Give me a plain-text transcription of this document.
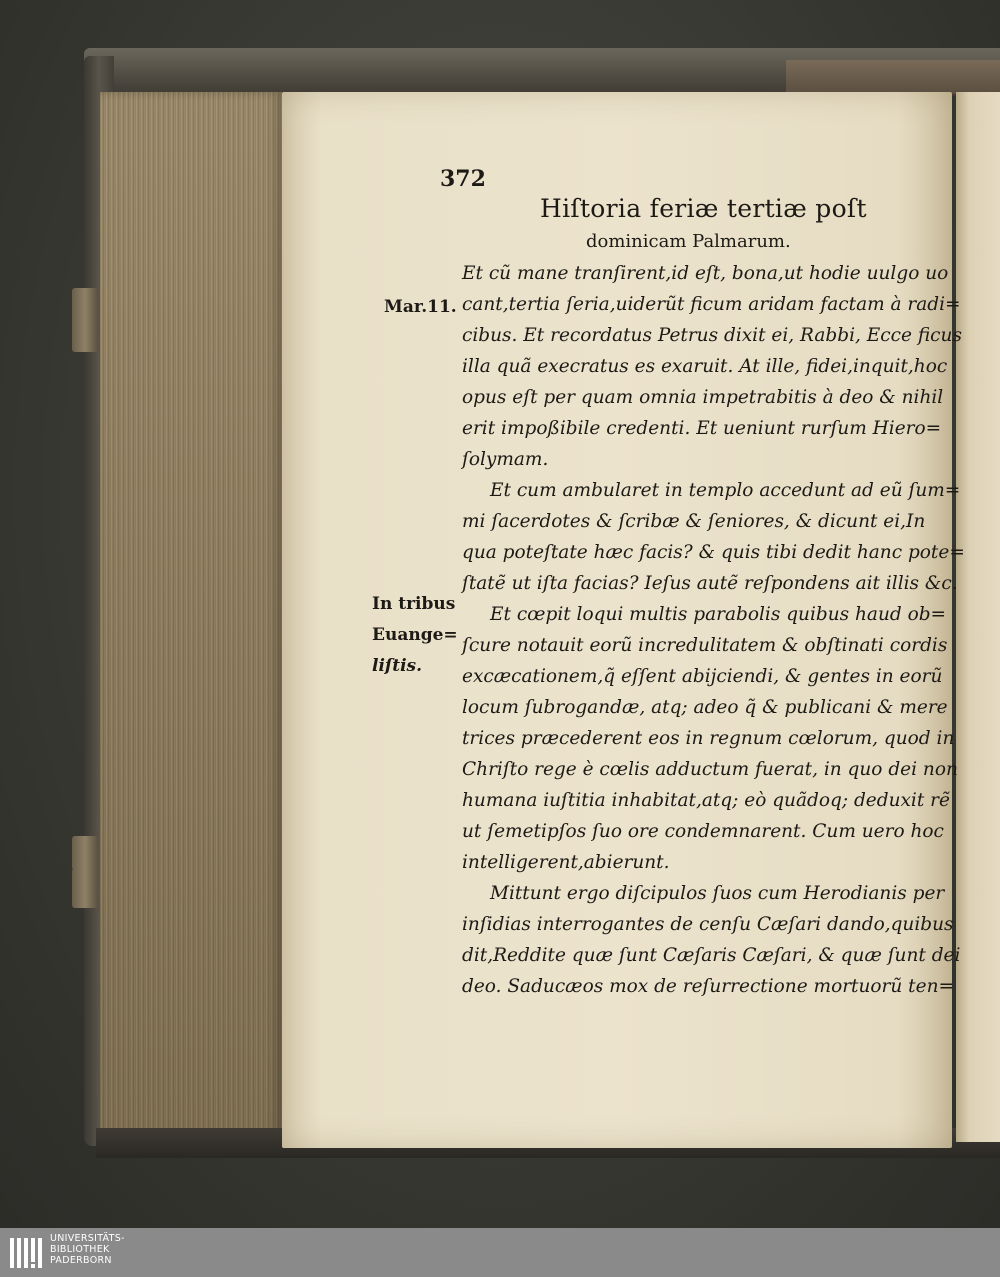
372
Hiſtoria feriæ tertiæ poſt
dominicam Palmarum.
Mar.11.
In tribus
Euange=
liſtis.
Et cũ mane tranſirent,id eſt, bona,ut hodie uulgo uo
cant,tertia ſeria,uiderũt ficum aridam factam à radi=
cibus. Et recordatus Petrus dixit ei, Rabbi, Ecce ficus
illa quã execratus es exaruit. At ille, fidei,inquit,hoc
opus eſt per quam omnia impetrabitis à deo & nihil
erit impoßibile credenti. Et ueniunt rurſum Hiero=
ſolymam.
Et cum ambularet in templo accedunt ad eũ ſum=
mi ſacerdotes & ſcribæ & ſeniores, & dicunt ei,In
qua poteſtate hæc facis? & quis tibi dedit hanc pote=
ſtatẽ ut iſta facias? Ieſus autẽ reſpondens ait illis &c.
Et cœpit loqui multis parabolis quibus haud ob=
ſcure notauit eorũ incredulitatem & obſtinati cordis
excæcationem,q̃ eſſent abijciendi, & gentes in eorũ
locum ſubrogandæ, atq; adeo q̃ & publicani & mere
trices præcederent eos in regnum cœlorum, quod in
Chriſto rege è cœlis adductum fuerat, in quo dei non
humana iuſtitia inhabitat,atq; eò quãdoq; deduxit rẽ
ut ſemetipſos ſuo ore condemnarent. Cum uero hoc
intelligerent,abierunt.
Mittunt ergo diſcipulos ſuos cum Herodianis per
inſidias interrogantes de cenſu Cæſari dando,quibus
dit,Reddite quæ ſunt Cæſaris Cæſari, & quæ ſunt dei
deo. Saducæos mox de reſurrectione mortuorũ ten=
UNIVERSITÄTS-
BIBLIOTHEK
PADERBORN
